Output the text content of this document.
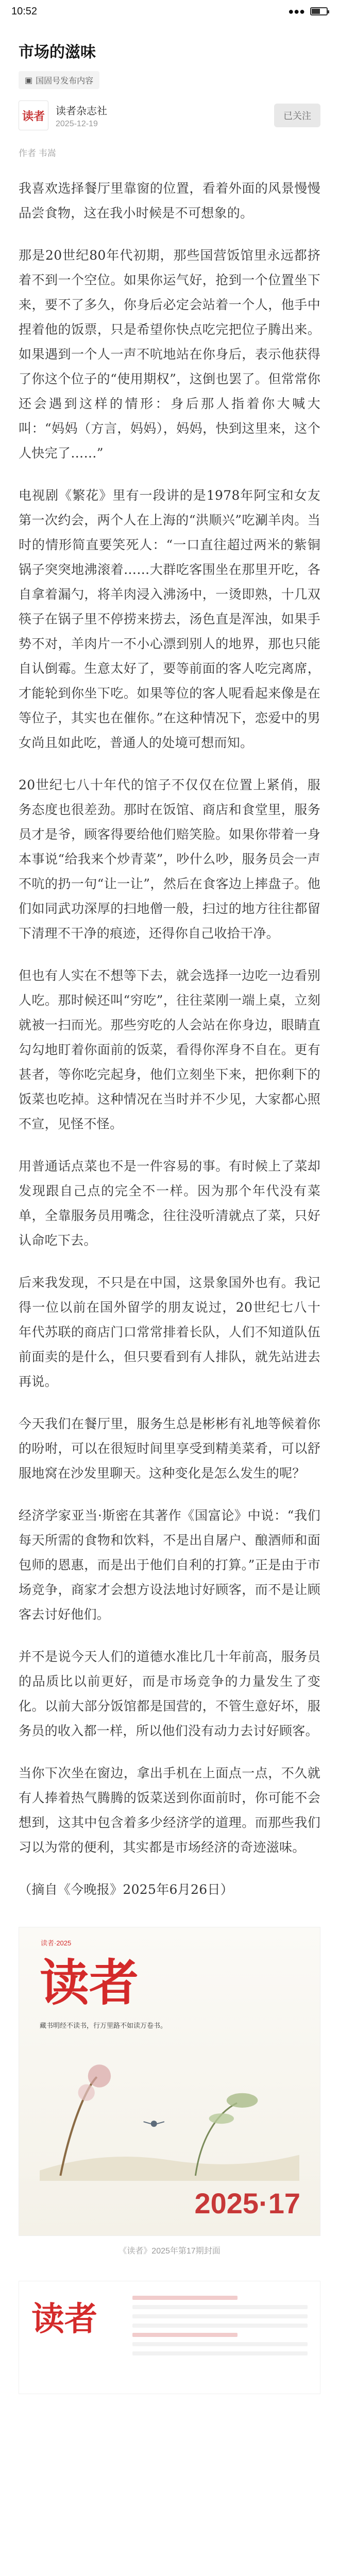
10:52	●●●
市场的滋味
▣ 国固号发布内容
读者	读者杂志社
2025-12-19
已关注
作者 韦嵩

我喜欢选择餐厅里靠窗的位置，看着外面的风景慢慢品尝食物，这在我小时候是不可想象的。

那是20世纪80年代初期，那些国营饭馆里永远都挤着不到一个空位。如果你运气好，抢到一个位置坐下来，要不了多久，你身后必定会站着一个人，他手中捏着他的饭票，只是希望你快点吃完把位子腾出来。如果遇到一个人一声不吭地站在你身后，表示他获得了你这个位子的“使用期权”，这倒也罢了。但常常你还会遇到这样的情形：身后那人指着你大喊大叫：“妈妈（方言，妈妈），妈妈，快到这里来，这个人快完了……”

电视剧《繁花》里有一段讲的是1978年阿宝和女友第一次约会，两个人在上海的“洪顺兴”吃涮羊肉。当时的情形简直要笑死人：“一口直往超过两米的紫铜锅子突突地沸滚着……大群吃客围坐在那里开吃，各自拿着漏勺，将羊肉浸入沸汤中，一烫即熟，十几双筷子在锅子里不停捞来捞去，汤色直是浑浊，如果手势不对，羊肉片一不小心漂到别人的地界，那也只能自认倒霉。生意太好了，要等前面的客人吃完离席，才能轮到你坐下吃。如果等位的客人呢看起来像是在等位子，其实也在催你。”在这种情况下，恋爱中的男女尚且如此吃，普通人的处境可想而知。

20世纪七八十年代的馆子不仅仅在位置上紧俏，服务态度也很差劲。那时在饭馆、商店和食堂里，服务员才是爷，顾客得要给他们赔笑脸。如果你带着一身本事说“给我来个炒青菜”，吵什么吵，服务员会一声不吭的扔一句“让一让”，然后在食客边上摔盘子。他们如同武功深厚的扫地僧一般，扫过的地方往往都留下清理不干净的痕迹，还得你自己收拾干净。

但也有人实在不想等下去，就会选择一边吃一边看别人吃。那时候还叫“穷吃”，往往菜刚一端上桌，立刻就被一扫而光。那些穷吃的人会站在你身边，眼睛直勾勾地盯着你面前的饭菜，看得你浑身不自在。更有甚者，等你吃完起身，他们立刻坐下来，把你剩下的饭菜也吃掉。这种情况在当时并不少见，大家都心照不宣，见怪不怪。

用普通话点菜也不是一件容易的事。有时候上了菜却发现跟自己点的完全不一样。因为那个年代没有菜单，全靠服务员用嘴念，往往没听清就点了菜，只好认命吃下去。

后来我发现，不只是在中国，这景象国外也有。我记得一位以前在国外留学的朋友说过，20世纪七八十年代苏联的商店门口常常排着长队，人们不知道队伍前面卖的是什么，但只要看到有人排队，就先站进去再说。

今天我们在餐厅里，服务生总是彬彬有礼地等候着你的吩咐，可以在很短时间里享受到精美菜肴，可以舒服地窝在沙发里聊天。这种变化是怎么发生的呢？

经济学家亚当·斯密在其著作《国富论》中说：“我们每天所需的食物和饮料，不是出自屠户、酿酒师和面包师的恩惠，而是出于他们自利的打算。”正是由于市场竞争，商家才会想方设法地讨好顾客，而不是让顾客去讨好他们。

并不是说今天人们的道德水准比几十年前高，服务员的品质比以前更好，而是市场竞争的力量发生了变化。以前大部分饭馆都是国营的，不管生意好坏，服务员的收入都一样，所以他们没有动力去讨好顾客。

当你下次坐在窗边，拿出手机在上面点一点，不久就有人捧着热气腾腾的饭菜送到你面前时，你可能不会想到，这其中包含着多少经济学的道理。而那些我们习以为常的便利，其实都是市场经济的奇迹滋味。

（摘自《今晚报》2025年6月26日）

读者·2025
读者
藏书明经不读书，行万里路不如读万卷书。
2025·17
《读者》2025年第17期封面
读者
